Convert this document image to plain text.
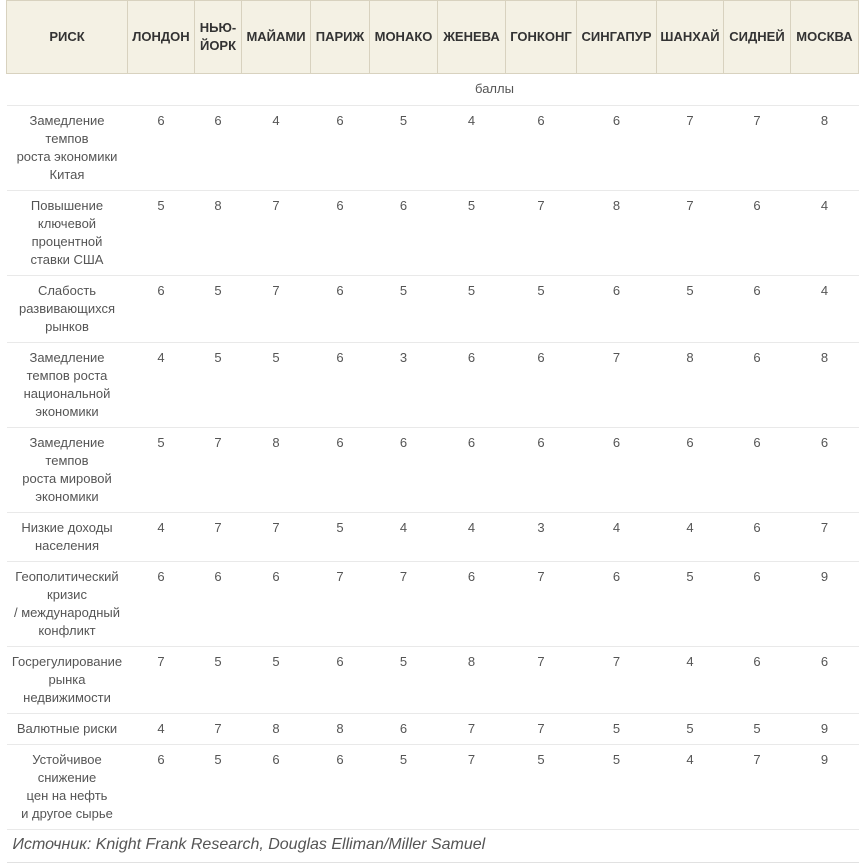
РИСК	ЛОНДОН	НЬЮ-ЙОРК	МАЙАМИ	ПАРИЖ	МОНАКО	ЖЕНЕВА	ГОНКОНГ	СИНГАПУР	ШАНХАЙ	СИДНЕЙ	МОСКВА
баллы											
Замедление
темпов
роста экономики
Китая	6	6	4	6	5	4	6	6	7	7	8
Повышение
ключевой
процентной
ставки США	5	8	7	6	6	5	7	8	7	6	4
Слабость
развивающихся
рынков	6	5	7	6	5	5	5	6	5	6	4
Замедление
темпов роста
национальной
экономики	4	5	5	6	3	6	6	7	8	6	8
Замедление
темпов
роста мировой
экономики	5	7	8	6	6	6	6	6	6	6	6
Низкие доходы
населения	4	7	7	5	4	4	3	4	4	6	7
Геополитический
кризис
/ международный
конфликт	6	6	6	7	7	6	7	6	5	6	9
Госрегулирование
рынка
недвижимости	7	5	5	6	5	8	7	7	4	6	6
Валютные риски	4	7	8	8	6	7	7	5	5	5	9
Устойчивое
снижение
цен на нефть
и другое сырье	6	5	6	6	5	7	5	5	4	7	9
Источник: Knight Frank Research, Douglas Elliman/Miller Samuel											
